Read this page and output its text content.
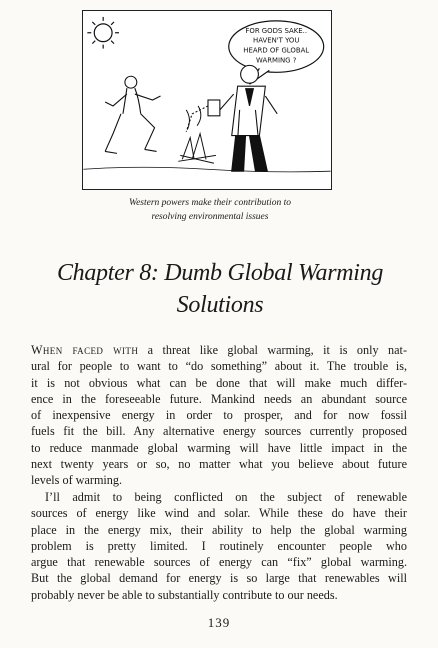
FOR GODS SAKE..
HAVEN'T YOU
HEARD OF GLOBAL
WARMING ?
Western powers make their contribution to
resolving environmental issues
Chapter 8: Dumb Global Warming
Solutions
When faced with a threat like global warming, it is only nat-
ural for people to want to “do something” about it. The trouble is,
it is not obvious what can be done that will make much differ-
ence in the foreseeable future. Mankind needs an abundant source
of inexpensive energy in order to prosper, and for now fossil
fuels fit the bill. Any alternative energy sources currently proposed
to reduce manmade global warming will have little impact in the
next twenty years or so, no matter what you believe about future
levels of warming.
I’ll admit to being conflicted on the subject of renewable
sources of energy like wind and solar. While these do have their
place in the energy mix, their ability to help the global warming
problem is pretty limited. I routinely encounter people who
argue that renewable sources of energy can “fix” global warming.
But the global demand for energy is so large that renewables will
probably never be able to substantially contribute to our needs.
139
